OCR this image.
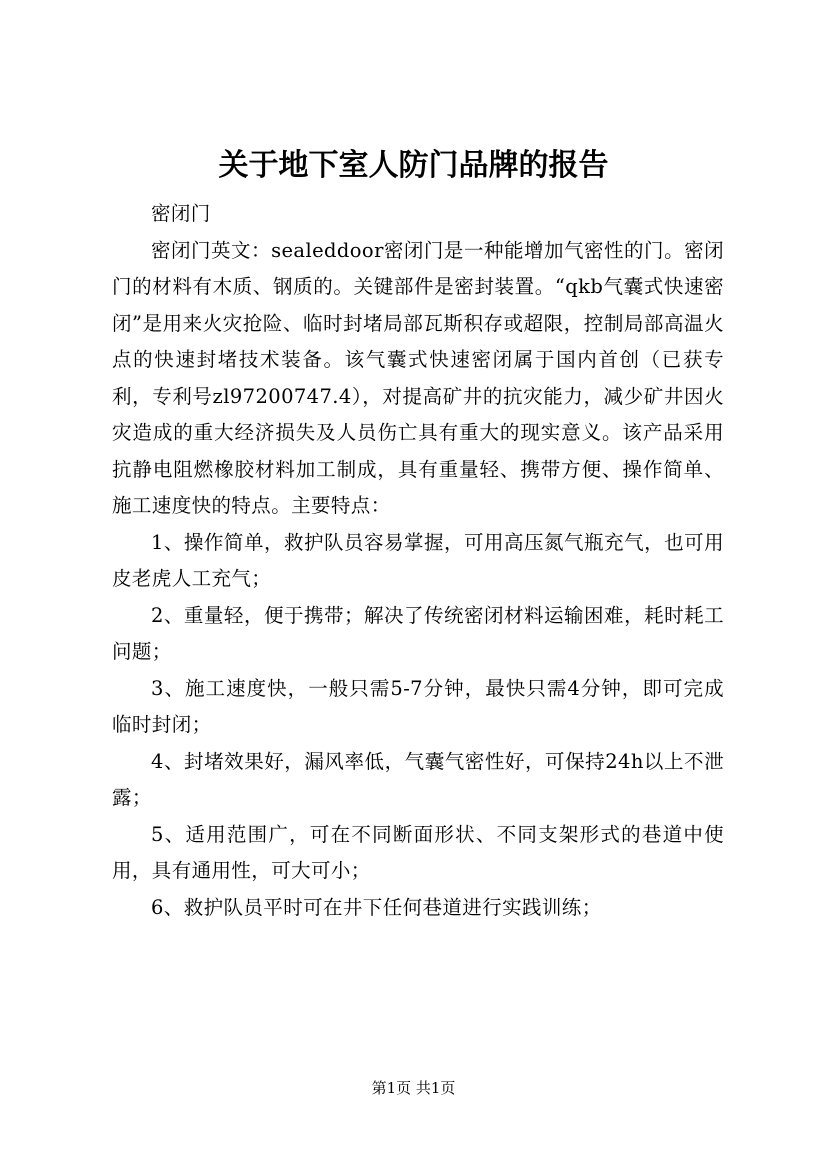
关于地下室人防门品牌的报告

密闭门

密闭门英文：sealeddoor密闭门是一种能增加气密性的门。密闭门的材料有木质、钢质的。关键部件是密封装置。“qkb气囊式快速密闭”是用来火灾抢险、临时封堵局部瓦斯积存或超限，控制局部高温火点的快速封堵技术装备。该气囊式快速密闭属于国内首创（已获专利，专利号zl97200747.4），对提高矿井的抗灾能力，减少矿井因火灾造成的重大经济损失及人员伤亡具有重大的现实意义。该产品采用抗静电阻燃橡胶材料加工制成，具有重量轻、携带方便、操作简单、施工速度快的特点。主要特点：

1、操作简单，救护队员容易掌握，可用高压氮气瓶充气，也可用皮老虎人工充气；

2、重量轻，便于携带；解决了传统密闭材料运输困难，耗时耗工问题；

3、施工速度快，一般只需5-7分钟，最快只需4分钟，即可完成临时封闭；

4、封堵效果好，漏风率低，气囊气密性好，可保持24h以上不泄露；

5、适用范围广，可在不同断面形状、不同支架形式的巷道中使用，具有通用性，可大可小；

6、救护队员平时可在井下任何巷道进行实践训练；

第1页 共1页
